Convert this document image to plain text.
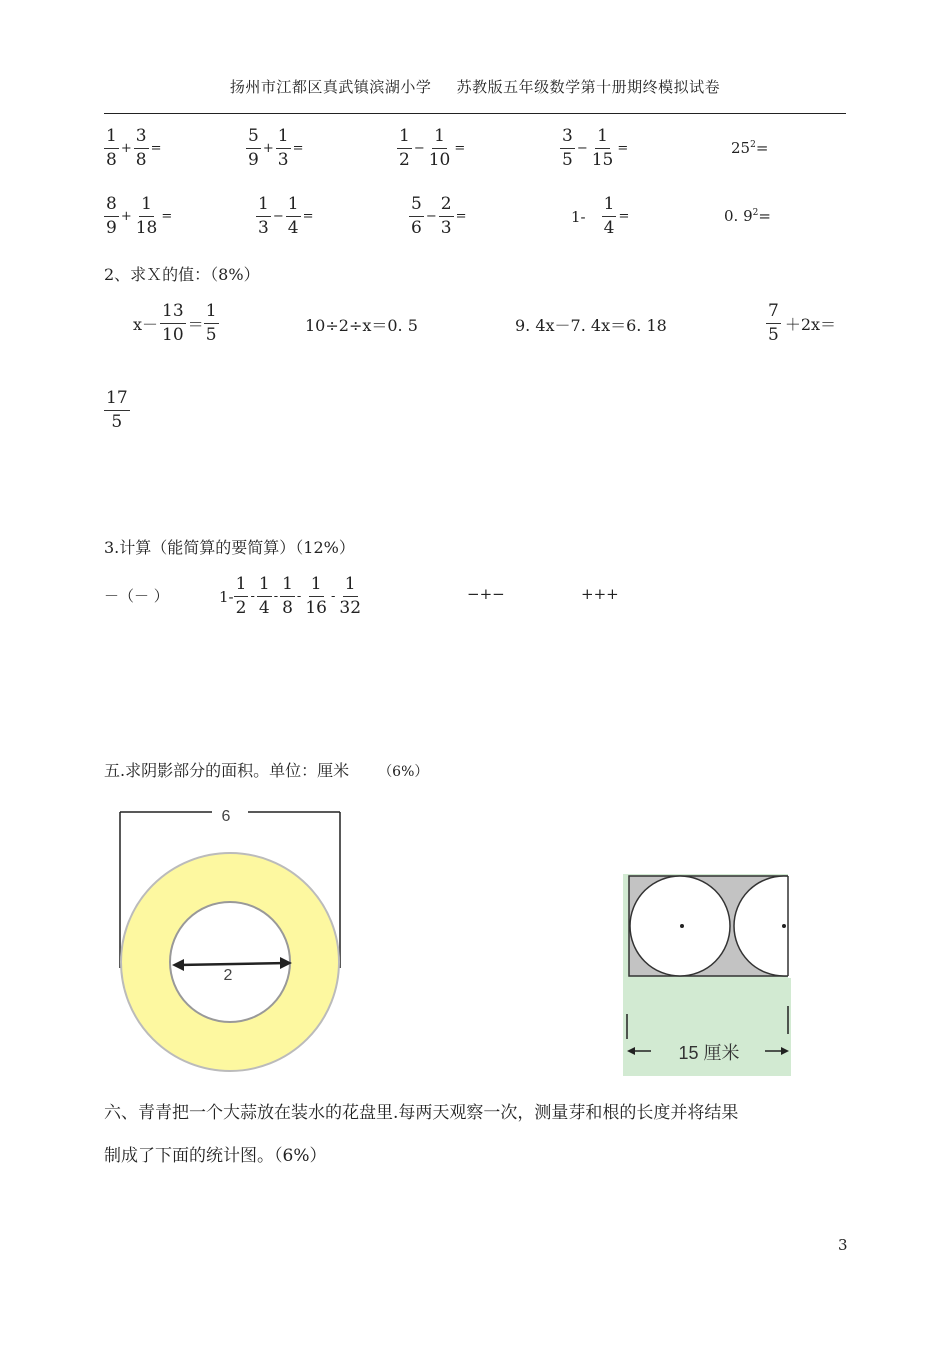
扬州市江都区真武镇滨湖小学 苏教版五年级数学第十册期终模拟试卷
$\frac{1}{8} + \frac{3}{8}$ =	$\frac{5}{9} + \frac{1}{3}$ =	$\frac{1}{2} - \frac{1}{10}$ =	$\frac{3}{5} - \frac{1}{15}$ =	$25^2=$
$\frac{8}{9} + \frac{1}{18}$ =	$\frac{1}{3} - \frac{1}{4}$ =	$\frac{5}{6} - \frac{2}{3}$ =	$1- \frac{1}{4}$ =	0. $9^2=$
2、求Ｘ的值：（8%）
$x- \frac{13}{10} = \frac{1}{5}$	10÷2÷x＝0. 5	9. 4x－7. 4x＝6. 18	$\frac{7}{5} +2x=$
$\frac{17}{5}$
3.计算（能简算的要简算）（12%）
－（－ ）	$1- \frac{1}{2} - \frac{1}{4} - \frac{1}{8} - \frac{1}{16} - \frac{1}{32}$	−+−	+++
五.求阴影部分的面积。单位：厘米 （6%）
6
2
15 厘米
六、青青把一个大蒜放在装水的花盘里.每两天观察一次，测量芽和根的长度并将结果
制成了下面的统计图。（6%）
3
